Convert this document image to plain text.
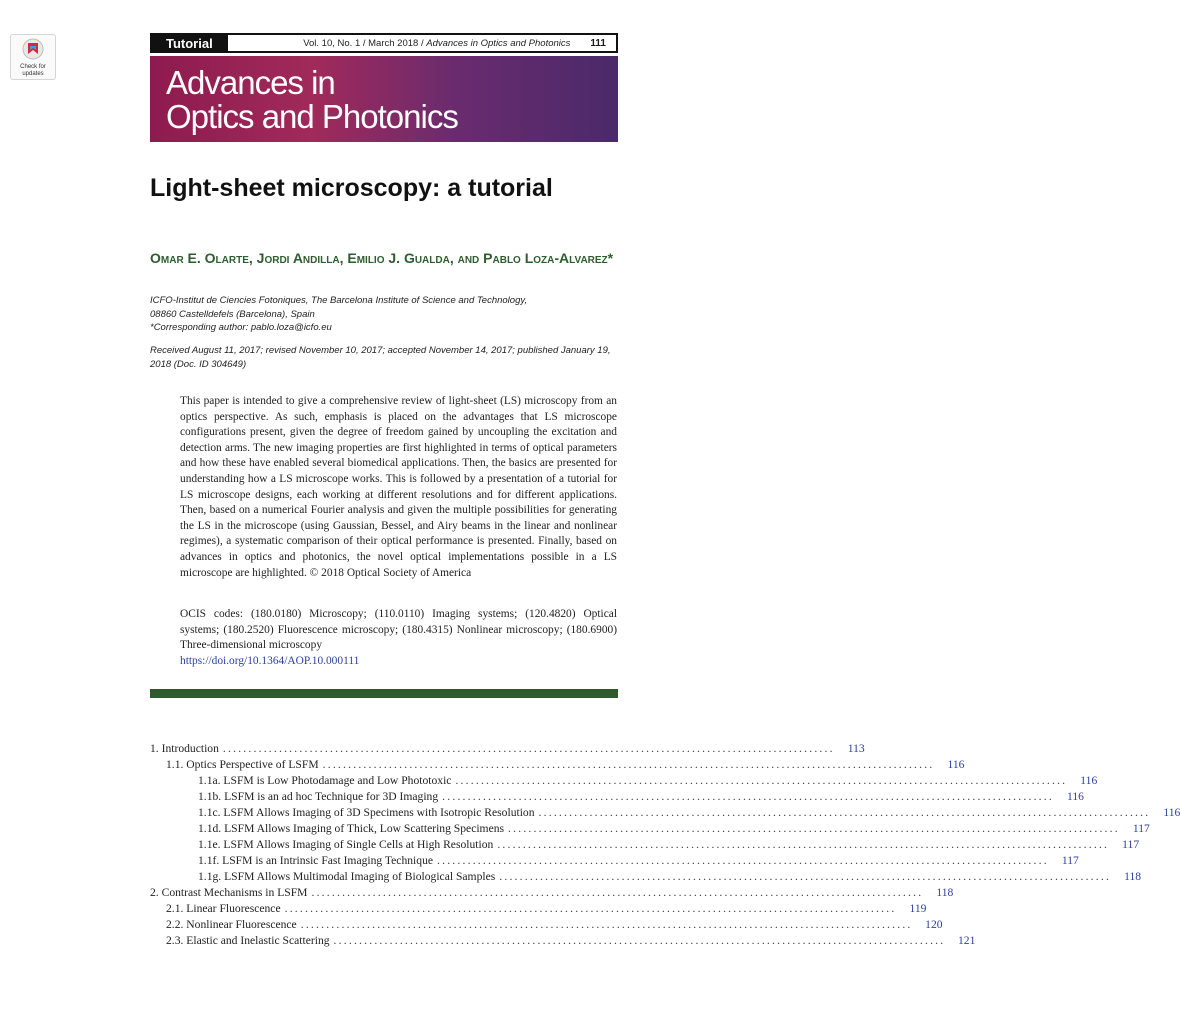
Check for updates
Tutorial	Vol. 10, No. 1 / March 2018 / Advances in Optics and Photonics 111
Advances in
Optics and Photonics
Light-sheet microscopy: a tutorial
Omar E. Olarte, Jordi Andilla, Emilio J. Gualda, and Pablo Loza-Alvarez*
ICFO-Institut de Ciencies Fotoniques, The Barcelona Institute of Science and Technology,
08860 Castelldefels (Barcelona), Spain
*Corresponding author: pablo.loza@icfo.eu
Received August 11, 2017; revised November 10, 2017; accepted November 14, 2017; published January 19, 2018 (Doc. ID 304649)

This paper is intended to give a comprehensive review of light-sheet (LS) microscopy from an optics perspective. As such, emphasis is placed on the advantages that LS microscope configurations present, given the degree of freedom gained by uncoupling the excitation and detection arms. The new imaging properties are first highlighted in terms of optical parameters and how these have enabled several biomedical applications. Then, the basics are presented for understanding how a LS microscope works. This is followed by a presentation of a tutorial for LS microscope designs, each working at different resolutions and for different applications. Then, based on a numerical Fourier analysis and given the multiple possibilities for generating the LS in the microscope (using Gaussian, Bessel, and Airy beams in the linear and nonlinear regimes), a systematic comparison of their optical performance is presented. Finally, based on advances in optics and photonics, the novel optical implementations possible in a LS microscope are highlighted. © 2018 Optical Society of America

OCIS codes: (180.0180) Microscopy; (110.0110) Imaging systems; (120.4820) Optical systems; (180.2520) Fluorescence microscopy; (180.4315) Nonlinear microscopy; (180.6900) Three-dimensional microscopy
https://doi.org/10.1364/AOP.10.000111
1. Introduction ........................................................................................................................	113
1.1. Optics Perspective of LSFM ........................................................................................................................	116
1.1a. LSFM is Low Photodamage and Low Phototoxic ........................................................................................................................	116
1.1b. LSFM is an ad hoc Technique for 3D Imaging ........................................................................................................................	116
1.1c. LSFM Allows Imaging of 3D Specimens with Isotropic Resolution ........................................................................................................................	116
1.1d. LSFM Allows Imaging of Thick, Low Scattering Specimens ........................................................................................................................	117
1.1e. LSFM Allows Imaging of Single Cells at High Resolution ........................................................................................................................	117
1.1f. LSFM is an Intrinsic Fast Imaging Technique ........................................................................................................................	117
1.1g. LSFM Allows Multimodal Imaging of Biological Samples ........................................................................................................................	118
2. Contrast Mechanisms in LSFM ........................................................................................................................	118
2.1. Linear Fluorescence ........................................................................................................................	119
2.2. Nonlinear Fluorescence ........................................................................................................................	120
2.3. Elastic and Inelastic Scattering ........................................................................................................................	121
